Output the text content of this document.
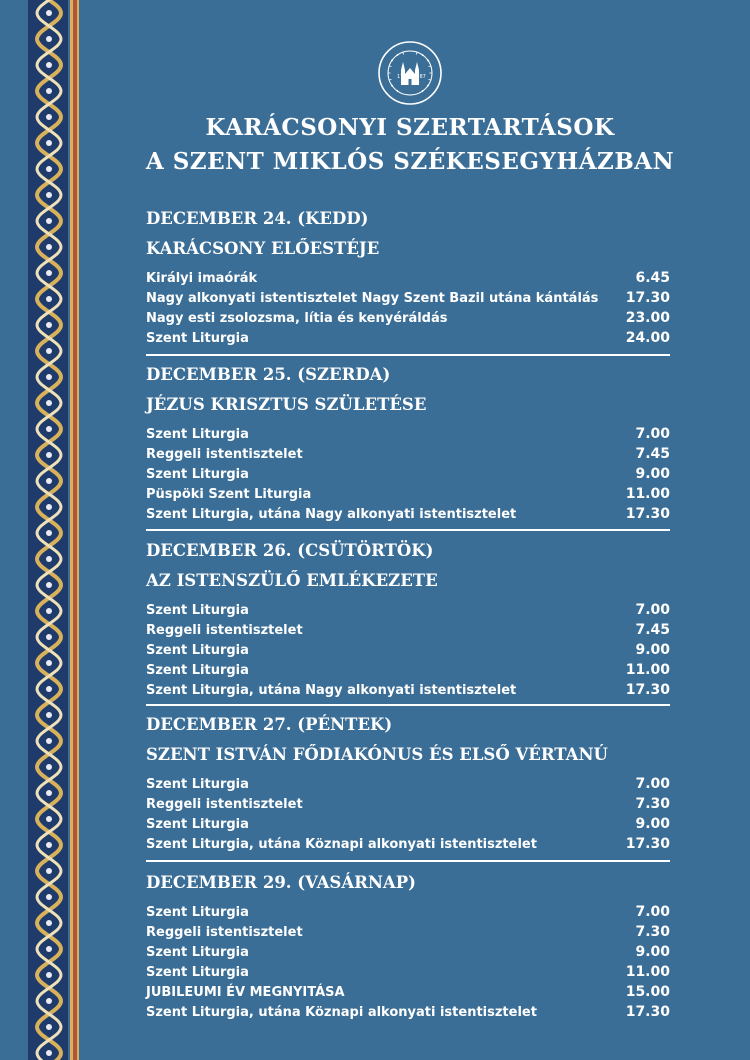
17	87
KARÁCSONYI SZERTARTÁSOK
A SZENT MIKLÓS SZÉKESEGYHÁZBAN
DECEMBER 24. (KEDD)
KARÁCSONY ELŐESTÉJE
Királyi imaórák	6.45
Nagy alkonyati istentisztelet Nagy Szent Bazil utána kántálás 17.30
Nagy esti zsolozsma, lítia és kenyéráldás	23.00
Szent Liturgia	24.00
DECEMBER 25. (SZERDA)
JÉZUS KRISZTUS SZÜLETÉSE
Szent Liturgia	7.00
Reggeli istentisztelet	7.45
Szent Liturgia	9.00
Püspöki Szent Liturgia	11.00
Szent Liturgia, utána Nagy alkonyati istentisztelet	17.30
DECEMBER 26. (CSÜTÖRTÖK)
AZ ISTENSZÜLŐ EMLÉKEZETE
Szent Liturgia	7.00
Reggeli istentisztelet	7.45
Szent Liturgia	9.00
Szent Liturgia	11.00
Szent Liturgia, utána Nagy alkonyati istentisztelet	17.30
DECEMBER 27. (PÉNTEK)
SZENT ISTVÁN FŐDIAKÓNUS ÉS ELSŐ VÉRTANÚ
Szent Liturgia	7.00
Reggeli istentisztelet	7.30
Szent Liturgia	9.00
Szent Liturgia, utána Köznapi alkonyati istentisztelet	17.30
DECEMBER 29. (VASÁRNAP)
Szent Liturgia	7.00
Reggeli istentisztelet	7.30
Szent Liturgia	9.00
Szent Liturgia	11.00
JUBILEUMI ÉV MEGNYITÁSA	15.00
Szent Liturgia, utána Köznapi alkonyati istentisztelet	17.30
